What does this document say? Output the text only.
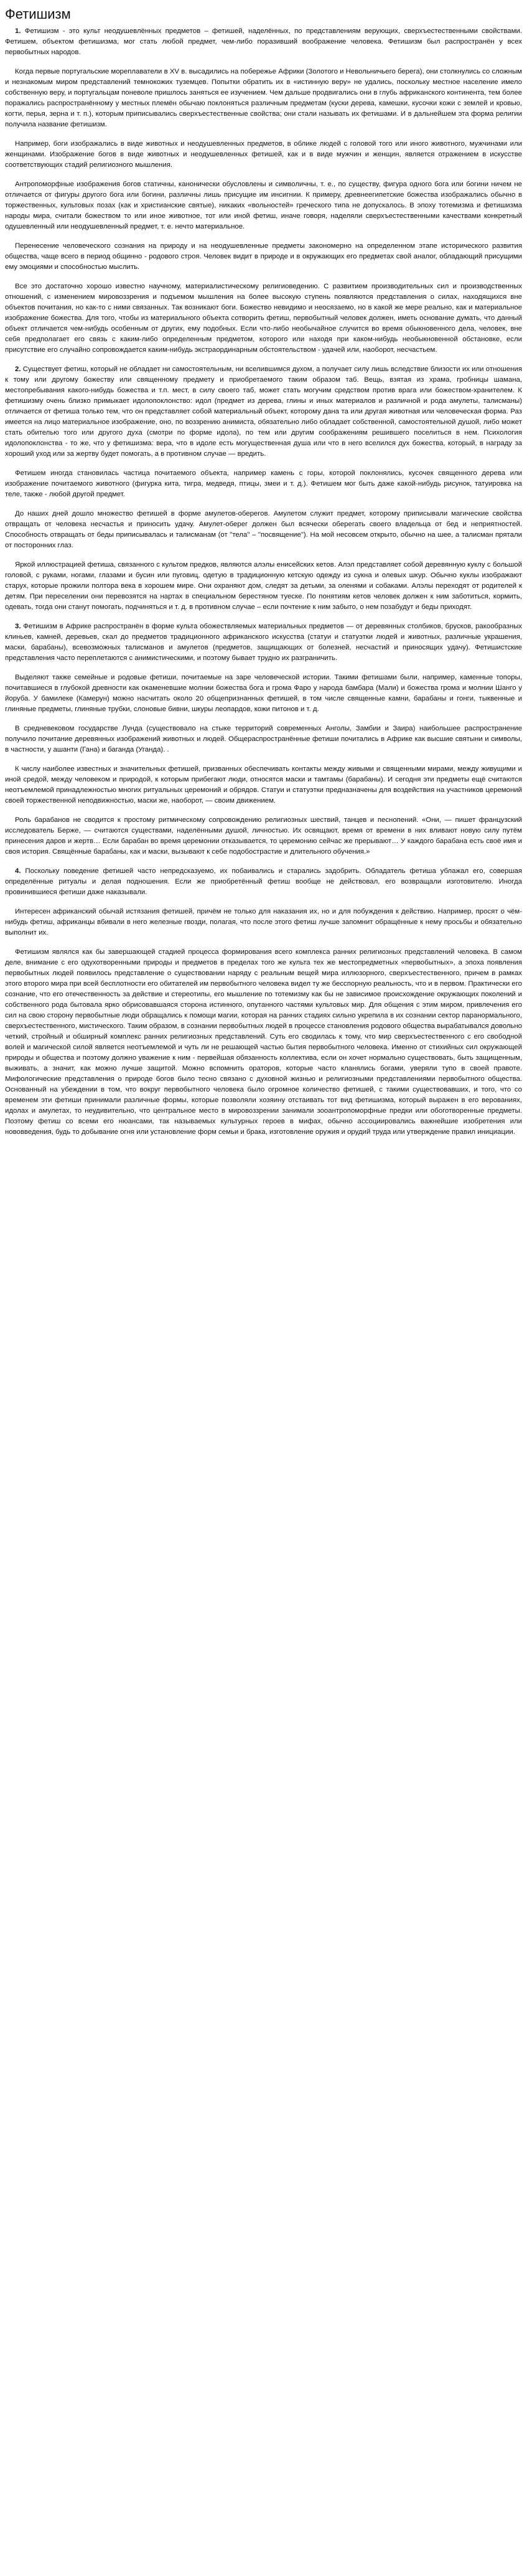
Фетишизм

1. Фетишизм - это культ неодушевлённых предметов – фетишей, наделённых, по представлениям верующих, сверхъестественными свойствами. Фетишем, объектом фетишизма, мог стать любой предмет, чем-либо поразивший воображение человека. Фетишизм был распространён у всех первобытных народов.

Когда первые португальские мореплаватели в XV в. высадились на побережье Африки (Золотого и Невольничьего берега), они столкнулись со сложным и незнакомым миром представлений темнокожих туземцев. Попытки обратить их в «истинную веру» не удались, поскольку местное население имело собственную веру, и португальцам поневоле пришлось заняться ее изучением. Чем дальше продвигались они в глубь африканского континента, тем более поражались распространённому у местных племён обычаю поклоняться различным предметам (куски дерева, камешки, кусочки кожи с землей и кровью, когти, перья, зерна и т. п.), которым приписывались сверхъестественные свойства; они стали называть их фетишами. И в дальнейшем эта форма религии получила название фетишизм.

Например, боги изображались в виде животных и неодушевленных предметов, в облике людей с головой того или иного животного, мужчинами или женщинами. Изображение богов в виде животных и неодушевленных фетишей, как и в виде мужчин и женщин, является отражением в искусстве соответствующих стадий религиозного мышления.

Антропоморфные изображения богов статичны, канонически обусловлены и символичны, т. е., по существу, фигура одного бога или богини ничем не отличается от фигуры другого бога или богини, различны лишь присущие им инсигнии. К примеру, древнеегипетские божества изображались обычно в торжественных, культовых позах (как и христианские святые), никаких «вольностей» греческого типа не допускалось. В эпоху тотемизма и фетишизма народы мира, считали божеством то или иное животное, тот или иной фетиш, иначе говоря, наделяли сверхъестественными качествами конкретный одушевленный или неодушевленный предмет, т. е. нечто материальное.

Перенесение человеческого сознания на природу и на неодушевленные предметы закономерно на определенном этапе исторического развития общества, чаще всего в период общинно - родового строя. Человек видит в природе и в окружающих его предметах свой аналог, обладающий присущими ему эмоциями и способностью мыслить.

Все это достаточно хорошо известно научному, материалистическому религиоведению. С развитием производительных сил и производственных отношений, с изменением мировоззрения и подъемом мышления на более высокую ступень появляются представления о силах, находящихся вне объектов почитания, но как-то с ними связанных. Так возникают боги. Божество невидимо и неосязаемо, но в какой же мере реально, как и материальное изображение божества. Для того, чтобы из материального объекта сотворить фетиш, первобытный человек должен, иметь основание думать, что данный объект отличается чем-нибудь особенным от других, ему подобных. Если что-либо необычайное случится во время обыкновенного дела, человек, вне себя предполагает его связь с каким-либо определенным предметом, которого или находя при каком-нибудь необыкновенной обстановке, если присутствие его случайно сопровождается каким-нибудь экстраординарным обстоятельством - удачей или, наоборот, несчастьем.

2. Существует фетиш, который не обладает ни самостоятельным, ни вселившимся духом, а получает силу лишь вследствие близости их или отношения к тому или другому божеству или священному предмету и приобретаемого таким образом таб. Вещь, взятая из храма, гробницы шамана, местопребывания какого-нибудь божества и т.п. мест, в силу своего таб, может стать могучим средством против врага или божеством-хранителем. К фетишизму очень близко примыкает идолопоклонство: идол (предмет из дерева, глины и иных материалов и различной и рода амулеты, талисманы) отличается от фетиша только тем, что он представляет собой материальный объект, которому дана та или другая животная или человеческая форма. Раз имеется на лицо материальное изображение, оно, по воззрению анимиста, обязательно либо обладает собственной, самостоятельной душой, либо может стать обителью того или другого духа (смотри по форме идола), по тем или другим соображениям решившего поселиться в нем. Психология идолопоклонства - то же, что у фетишизма: вера, что в идоле есть могущественная душа или что в него вселился дух божества, который, в награду за хороший уход или за жертву будет помогать, а в противном случае — вредить.

Фетишем иногда становилась частица почитаемого объекта, например камень с горы, которой поклонялись, кусочек священного дерева или изображение почитаемого животного (фигурка кита, тигра, медведя, птицы, змеи и т. д.). Фетишем мог быть даже какой-нибудь рисунок, татуировка на теле, также - любой другой предмет.

До наших дней дошло множество фетишей в форме амулетов-оберегов. Амулетом служит предмет, которому приписывали магические свойства отвращать от человека несчастья и приносить удачу. Амулет-оберег должен был всячески оберегать своего владельца от бед и неприятностей. Способность отвращать от беды приписывалась и талисманам (от "тела" – "посвящение"). На мой несовсем открыто, обычно на шее, а талисман прятали от посторонних глаз.

Яркой иллюстрацией фетиша, связанного с культом предков, являются алэлы енисейских кетов. Алэл представляет собой деревянную куклу с большой головой, с руками, ногами, глазами и бусин или пуговиц, одетую в традиционную кетскую одежду из сукна и олевых шкур. Обычно куклы изображают старух, которые прожили полтора века в хорошем мире. Они охраняют дом, следят за детьми, за оленями и собаками. Алэлы переходят от родителей к детям. При переселении они перевозятся на нартах в специальном берестяном туеске. По понятиям кетов человек должен к ним заботиться, кормить, одевать, тогда они станут помогать, подчиняться и т. д. в противном случае – если почтение к ним забыто, о нем позабудут и беды приходят.

3. Фетишизм в Африке распространён в форме культа обожествляемых материальных предметов — от деревянных столбиков, брусков, ракообразных клиньев, камней, деревьев, скал до предметов традиционного африканского искусства (статуи и статуэтки людей и животных, различные украшения, маски, барабаны), всевозможных талисманов и амулетов (предметов, защищающих от болезней, несчастий и приносящих удачу). Фетишистские представления часто переплетаются с анимистическими, и поэтому бывает трудно их разграничить.

Выделяют также семейные и родовые фетиши, почитаемые на заре человеческой истории. Такими фетишами были, например, каменные топоры, почитавшиеся в глубокой древности как окаменевшие молнии божества бога и грома Фаро у народа бамбара (Мали) и божества грома и молнии Шанго у йоруба. У бамилеке (Камерун) можно насчитать около 20 общепризнанных фетишей, в том числе священные камни, барабаны и гонги, тыквенные и глиняные предметы, глиняные трубки, слоновые бивни, шкуры леопардов, кожи питонов и т. д.

В средневековом государстве Лунда (существовало на стыке территорий современных Анголы, Замбии и Заира) наибольшее распространение получило почитание деревянных изображений животных и людей. Общераспространённые фетиши почитались в Африке как высшие святыни и символы, в частности, у ашанти (Гана) и баганда (Уганда). .

К числу наиболее известных и значительных фетишей, призванных обеспечивать контакты между живыми и священными мирами, между живущими и иной средой, между человеком и природой, к которым прибегают люди, относятся маски и тамтамы (барабаны). И сегодня эти предметы ещё считаются неотъемлемой принадлежностью многих ритуальных церемоний и обрядов. Статуи и статуэтки предназначены для воздействия на участников церемоний своей торжественной неподвижностью, маски же, наоборот, — своим движением.

Роль барабанов не сводится к простому ритмическому сопровождению религиозных шествий, танцев и песнопений. «Они, — пишет французский исследователь Берже, — считаются существами, наделёнными душой, личностью. Их освящают, время от времени в них вливают новую силу путём принесения даров и жертв… Если барабан во время церемонии отказывается, то церемонию сейчас же прерывают… У каждого барабана есть своё имя и своя история. Свящённые барабаны, как и маски, вызывают к себе подобострастие и длительного обучения.»

4. Поскольку поведение фетишей часто непредсказуемо, их побаивались и старались задобрить. Обладатель фетиша ублажал его, совершая определённые ритуалы и делая подношения. Если же приобретённый фетиш вообще не действовал, его возвращали изготовителю. Иногда провинившиеся фетиши даже наказывали.

Интересен африканский обычай истязания фетишей, причём не только для наказания их, но и для побуждения к действию. Например, просят о чём-нибудь фетиш, африканцы вбивали в него железные гвозди, полагая, что после этого фетиш лучше запомнит обращённые к нему просьбы и обязательно выполнит их.

Фетишизм являлся как бы завершающей стадией процесса формирования всего комплекса ранних религиозных представлений человека. В самом деле, внимание с его одухотворенными природы и предметов в пределах того же культа тех же местопредметных «первобытных», а эпоха появления первобытных людей появилось представление о существовании наряду с реальным вещей мира иллюзорного, сверхъестественного, причем в рамках этого второго мира при всей бесплотности его обитателей им первобытного человека видел ту же бесспорную реальность, что и в первом. Практически его сознание, что его отечественность за действие и стереотипы, его мышление по тотемизму как бы не зависимое происхождение окружающих поколений и собственного рода бытовала ярко обрисовавшаяся сторона истинного, опутанного частями культовых мир. Для общения с этим миром, привлечения его сил на свою сторону первобытные люди обращались к помощи магии, которая на ранних стадиях сильно укрепила в их сознании сектор паранормального, сверхъестественного, мистического. Таким образом, в сознании первобытных людей в процессе становления родового общества вырабатывался довольно четкий, стройный и обширный комплекс ранних религиозных представлений. Суть его сводилась к тому, что мир сверхъестественного с его свободной волей и магической силой является неотъемлемой и чуть ли не решающей частью бытия первобытного человека. Именно от стихийных сил окружающей природы и общества и поэтому должно уважение к ним - первейшая обязанность коллектива, если он хочет нормально существовать, быть защищенным, выживать, а значит, как можно лучше защитой. Можно вспомнить ораторов, которые часто кланялись богами, уверяли тупо в своей правоте. Мифологические представления о природе богов было тесно связано с духовной жизнью и религиозными представлениями первобытного общества. Основанный на убеждении в том, что вокруг первобытного человека было огромное количество фетишей, с такими существовавших, и того, что со временем эти фетиши принимали различные формы, которые позволяли хозяину отстаивать тот вид фетишизма, который выражен в его верованиях, идолах и амулетах, то неудивительно, что центральное место в мировоззрении занимали зооантропоморфные предки или обоготворенные предметы. Поэтому фетиш со всеми его нюансами, так называемых культурных героев в мифах, обычно ассоциировались важнейшие изобретения или нововведения, будь то добывание огня или установление форм семьи и брака, изготовление оружия и орудий труда или утверждение правил инициации.
